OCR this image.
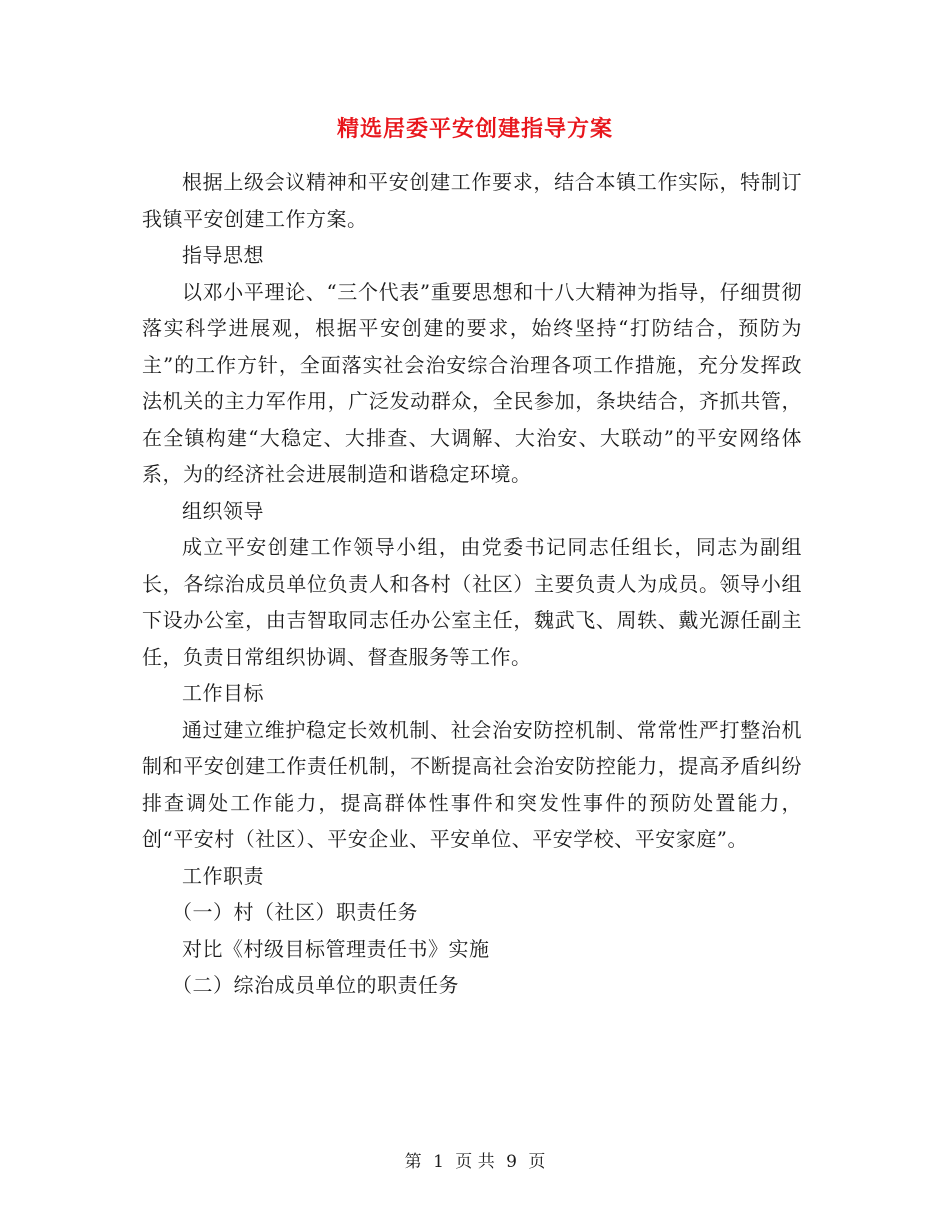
精选居委平安创建指导方案

根据上级会议精神和平安创建工作要求，结合本镇工作实际，特制订我镇平安创建工作方案。

指导思想

以邓小平理论、“三个代表”重要思想和十八大精神为指导，仔细贯彻落实科学进展观，根据平安创建的要求，始终坚持“打防结合，预防为主”的工作方针，全面落实社会治安综合治理各项工作措施，充分发挥政法机关的主力军作用，广泛发动群众，全民参加，条块结合，齐抓共管，在全镇构建“大稳定、大排查、大调解、大治安、大联动”的平安网络体系，为的经济社会进展制造和谐稳定环境。

组织领导

成立平安创建工作领导小组，由党委书记同志任组长，同志为副组长，各综治成员单位负责人和各村（社区）主要负责人为成员。领导小组下设办公室，由吉智取同志任办公室主任，魏武飞、周轶、戴光源任副主任，负责日常组织协调、督查服务等工作。

工作目标

通过建立维护稳定长效机制、社会治安防控机制、常常性严打整治机制和平安创建工作责任机制，不断提高社会治安防控能力，提高矛盾纠纷排查调处工作能力，提高群体性事件和突发性事件的预防处置能力，创“平安村（社区）、平安企业、平安单位、平安学校、平安家庭”。

工作职责

（一）村（社区）职责任务

对比《村级目标管理责任书》实施

（二）综治成员单位的职责任务

第 1 页 共 9 页
